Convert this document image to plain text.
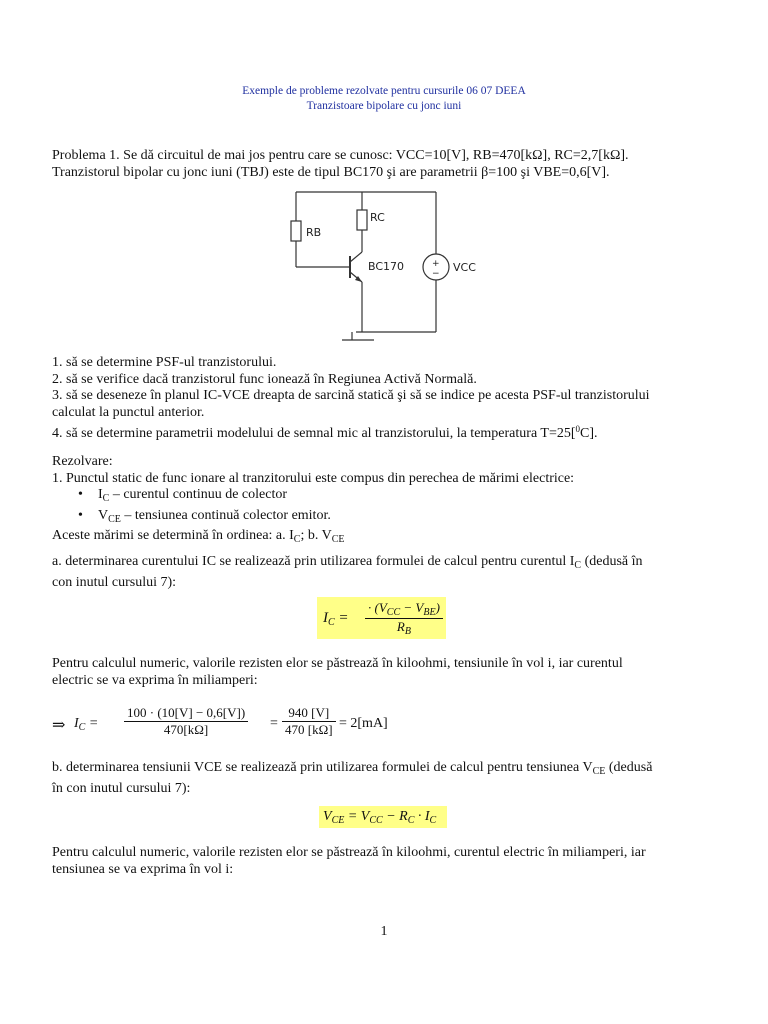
Exemple de probleme rezolvate pentru cursurile 06 07 DEEA
Tranzistoare bipolare cu jonc iuni
Problema 1. Se dă circuitul de mai jos pentru care se cunosc: VCC=10[V], RB=470[kΩ], RC=2,7[kΩ].
Tranzistorul bipolar cu jonc iuni (TBJ) este de tipul BC170 şi are parametrii β=100 şi VBE=0,6[V].
RB
RC
BC170	VCC
+
−
1. să se determine PSF-ul tranzistorului.
2. să se verifice dacă tranzistorul func ionează în Regiunea Activă Normală.
3. să se deseneze în planul IC-VCE dreapta de sarcină statică şi să se indice pe acesta PSF-ul tranzistorului
calculat la punctul anterior.
4. să se determine parametrii modelului de semnal mic al tranzistorului, la temperatura T=25[$^0$C].
Rezolvare:
1. Punctul static de func ionare al tranzitorului este compus din perechea de mărimi electrice:
• $I_C$ – curentul continuu de colector
• $V_{CE}$ – tensiunea continuă colector emitor.
Aceste mărimi se determină în ordinea: a. $I_C$; b. $V_{CE}$
a. determinarea curentului IC se realizează prin utilizarea formulei de calcul pentru curentul $I_C$ (dedusă în
con inutul cursului 7):
$I_C$ =
· $(V_{CC} - V_{BE})$
$R_B$
Pentru calculul numeric, valorile rezisten elor se păstrează în kiloohmi, tensiunile în vol i, iar curentul
electric se va exprima în miliamperi:
⇒ $I_C = \frac{100 \cdot (10[V] - 0,6[V])}{470[k\Omega]} = \frac{940 [V]}{470 [k\Omega]} = 2[mA]$
b. determinarea tensiunii VCE se realizează prin utilizarea formulei de calcul pentru tensiunea $V_{CE}$ (dedusă
în con inutul cursului 7):
$V_{CE} = V_{CC} - R_C \cdot I_C$
Pentru calculul numeric, valorile rezisten elor se păstrează în kiloohmi, curentul electric în miliamperi, iar
tensiunea se va exprima în vol i:
1
